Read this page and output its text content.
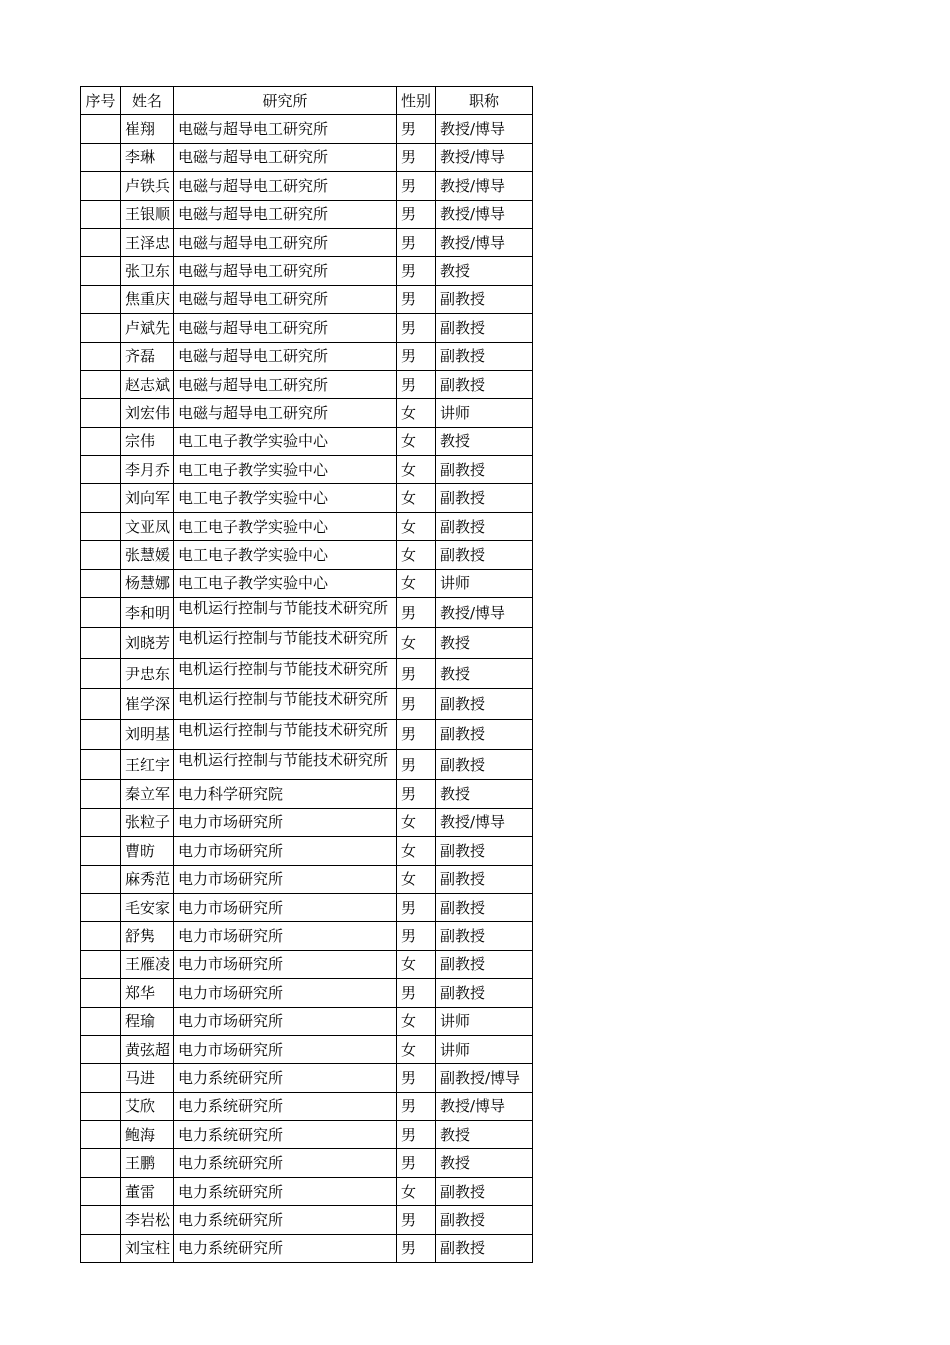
序号	姓名	研究所	性别	职称
	崔翔	电磁与超导电工研究所	男	教授/博导
	李琳	电磁与超导电工研究所	男	教授/博导
	卢铁兵	电磁与超导电工研究所	男	教授/博导
	王银顺	电磁与超导电工研究所	男	教授/博导
	王泽忠	电磁与超导电工研究所	男	教授/博导
	张卫东	电磁与超导电工研究所	男	教授
	焦重庆	电磁与超导电工研究所	男	副教授
	卢斌先	电磁与超导电工研究所	男	副教授
	齐磊	电磁与超导电工研究所	男	副教授
	赵志斌	电磁与超导电工研究所	男	副教授
	刘宏伟	电磁与超导电工研究所	女	讲师
	宗伟	电工电子教学实验中心	女	教授
	李月乔	电工电子教学实验中心	女	副教授
	刘向军	电工电子教学实验中心	女	副教授
	文亚凤	电工电子教学实验中心	女	副教授
	张慧媛	电工电子教学实验中心	女	副教授
	杨慧娜	电工电子教学实验中心	女	讲师
	李和明	电机运行控制与节能技术研究所	男	教授/博导
	刘晓芳	电机运行控制与节能技术研究所	女	教授
	尹忠东	电机运行控制与节能技术研究所	男	教授
	崔学深	电机运行控制与节能技术研究所	男	副教授
	刘明基	电机运行控制与节能技术研究所	男	副教授
	王红宇	电机运行控制与节能技术研究所	男	副教授
	秦立军	电力科学研究院	男	教授
	张粒子	电力市场研究所	女	教授/博导
	曹昉	电力市场研究所	女	副教授
	麻秀范	电力市场研究所	女	副教授
	毛安家	电力市场研究所	男	副教授
	舒隽	电力市场研究所	男	副教授
	王雁凌	电力市场研究所	女	副教授
	郑华	电力市场研究所	男	副教授
	程瑜	电力市场研究所	女	讲师
	黄弦超	电力市场研究所	女	讲师
	马进	电力系统研究所	男	副教授/博导
	艾欣	电力系统研究所	男	教授/博导
	鲍海	电力系统研究所	男	教授
	王鹏	电力系统研究所	男	教授
	董雷	电力系统研究所	女	副教授
	李岩松	电力系统研究所	男	副教授
	刘宝柱	电力系统研究所	男	副教授
